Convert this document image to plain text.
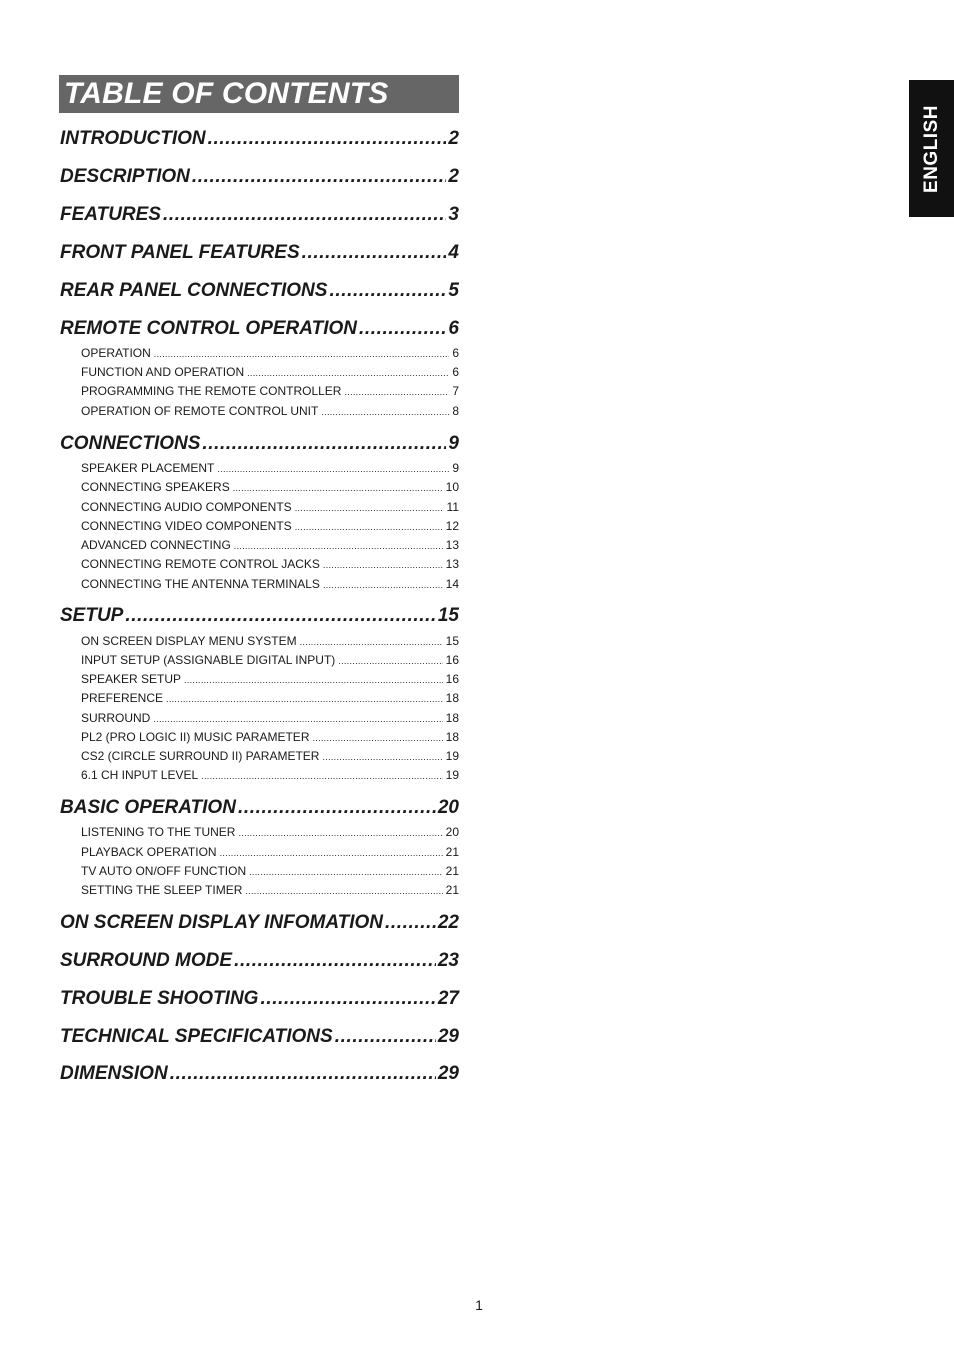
TABLE OF CONTENTS
ENGLISH
INTRODUCTION .....	2
DESCRIPTION .....	2
FEATURES .....	3
FRONT PANEL FEATURES .....	4
REAR PANEL CONNECTIONS .....	5
REMOTE CONTROL OPERATION .....	6
OPERATION .....	6
FUNCTION AND OPERATION .....	6
PROGRAMMING THE REMOTE CONTROLLER .....	7
OPERATION OF REMOTE CONTROL UNIT .....	8
CONNECTIONS .....	9
SPEAKER PLACEMENT .....	9
CONNECTING SPEAKERS .....	10
CONNECTING AUDIO COMPONENTS .....	11
CONNECTING VIDEO COMPONENTS .....	12
ADVANCED CONNECTING .....	13
CONNECTING REMOTE CONTROL JACKS .....	13
CONNECTING THE ANTENNA TERMINALS .....	14
SETUP .....	15
ON SCREEN DISPLAY MENU SYSTEM .....	15
INPUT SETUP (ASSIGNABLE DIGITAL INPUT) .....	16
SPEAKER SETUP .....	16
PREFERENCE .....	18
SURROUND .....	18
PL2 (PRO LOGIC II) MUSIC PARAMETER .....	18
CS2 (CIRCLE SURROUND II) PARAMETER .....	19
6.1 CH INPUT LEVEL .....	19
BASIC OPERATION .....	20
LISTENING TO THE TUNER .....	20
PLAYBACK OPERATION .....	21
TV AUTO ON/OFF FUNCTION .....	21
SETTING THE SLEEP TIMER .....	21
ON SCREEN DISPLAY INFOMATION .....	22
SURROUND MODE .....	23
TROUBLE SHOOTING .....	27
TECHNICAL SPECIFICATIONS .....	29
DIMENSION .....	29
1
